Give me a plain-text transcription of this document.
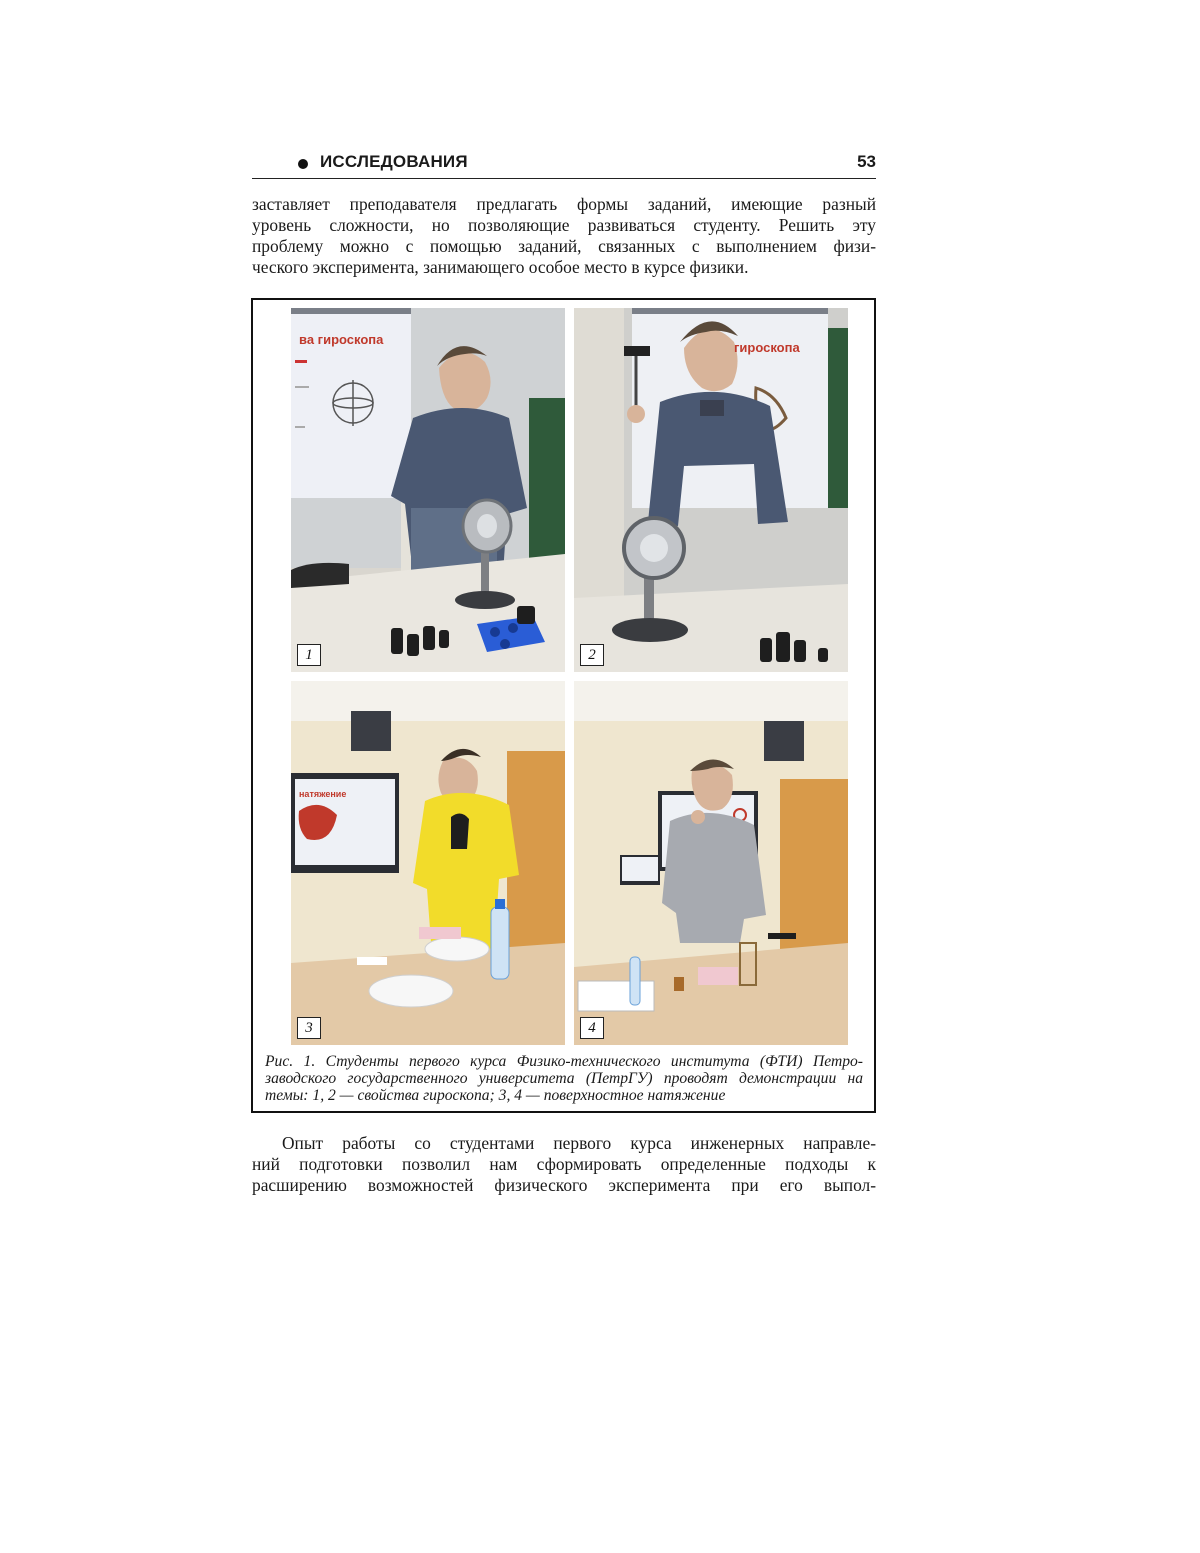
ИССЛЕДОВАНИЯ	53
заставляет преподавателя предлагать формы заданий, имеющие разный
уровень сложности, но позволяющие развиваться студенту. Решить эту
проблему можно с помощью заданий, связанных с выполнением физи-
ческого эксперимента, занимающего особое место в курсе физики.
ва гироскопа
1
гироскопа
2
натяжение
3	4
Рис. 1. Студенты первого курса Физико-технического института (ФТИ) Петро-
заводского государственного университета (ПетрГУ) проводят демонстрации на
темы: 1, 2 — свойства гироскопа; 3, 4 — поверхностное натяжение
Опыт работы со студентами первого курса инженерных направле-
ний подготовки позволил нам сформировать определенные подходы к
расширению возможностей физического эксперимента при его выпол-
